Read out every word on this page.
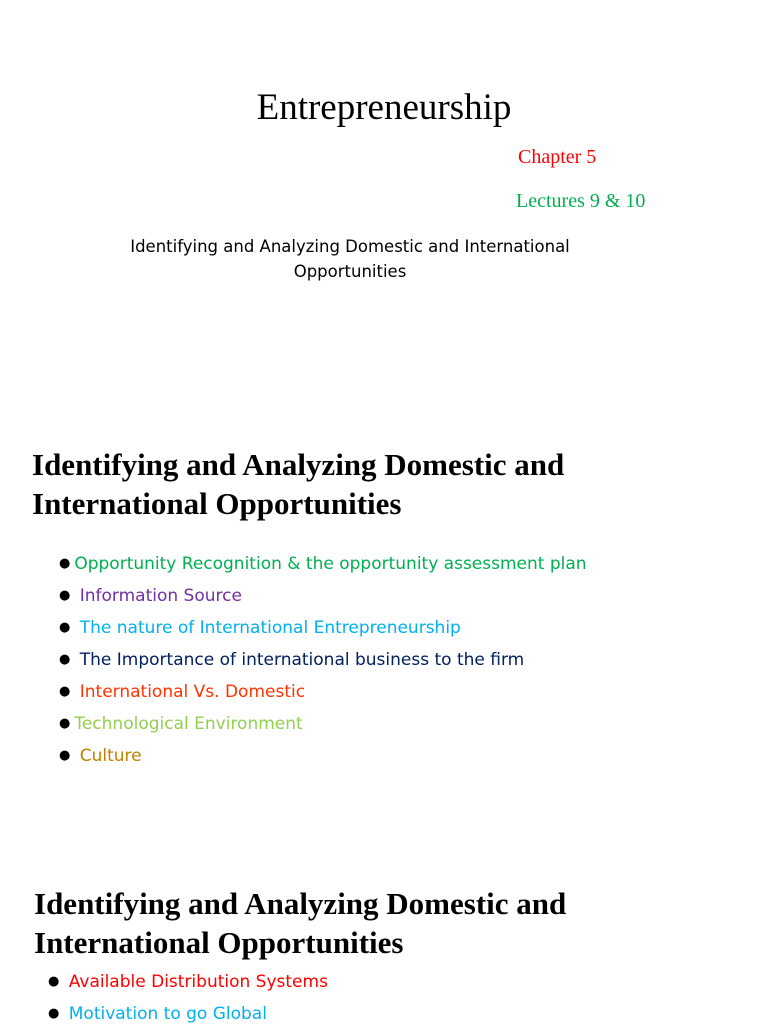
Entrepreneurship
Chapter 5
Lectures 9 & 10
Identifying and Analyzing Domestic and International
Opportunities
Identifying and Analyzing Domestic and
International Opportunities
● Opportunity Recognition & the opportunity assessment plan
● Information Source
● The nature of International Entrepreneurship
● The Importance of international business to the firm
● International Vs. Domestic
● Technological Environment
● Culture
Identifying and Analyzing Domestic and
International Opportunities
● Available Distribution Systems
● Motivation to go Global
